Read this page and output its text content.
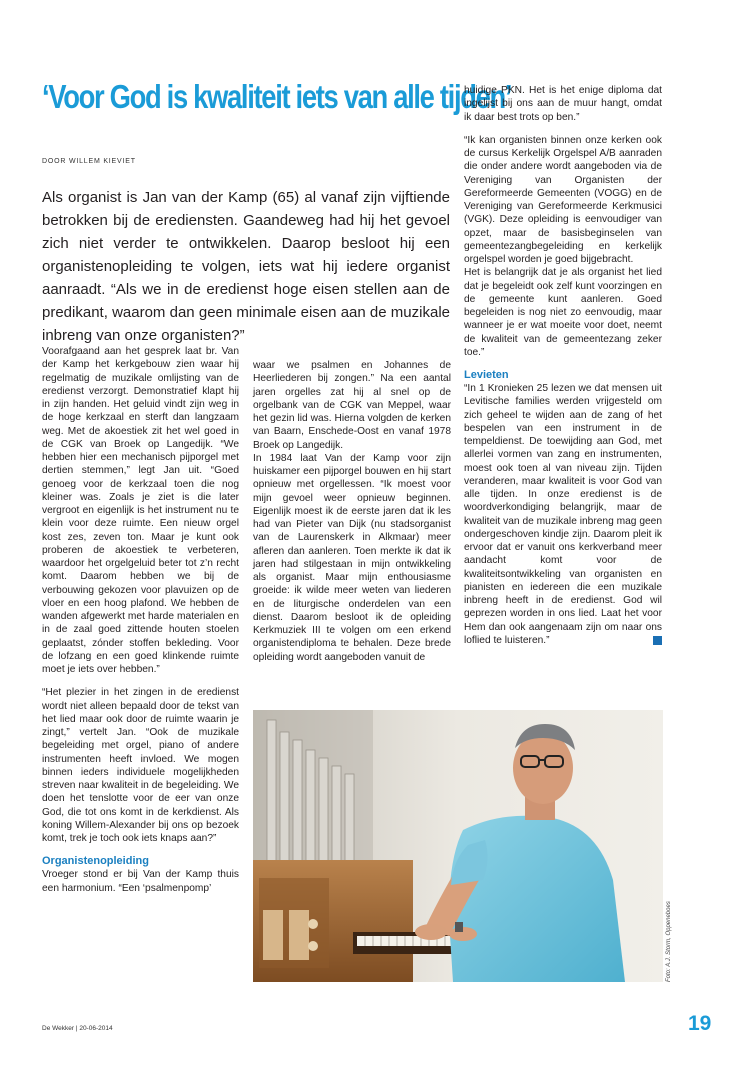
‘Voor God is kwaliteit iets van alle tijden’
DOOR WILLEM KIEVIET

Als organist is Jan van der Kamp (65) al vanaf zijn vijftiende betrokken bij de erediensten. Gaandeweg had hij het gevoel zich niet verder te ontwikkelen. Daarop besloot hij een organistenopleiding te volgen, iets wat hij iedere organist aanraadt. “Als we in de eredienst hoge eisen stellen aan de predikant, waarom dan geen minimale eisen aan de muzikale inbreng van onze organisten?”

Voorafgaand aan het gesprek laat br. Van der Kamp het kerkgebouw zien waar hij regelmatig de muzikale omlijsting van de eredienst verzorgt. Demonstratief klapt hij in zijn handen. Het geluid vindt zijn weg in de hoge kerkzaal en sterft dan langzaam weg. Met de akoestiek zit het wel goed in de CGK van Broek op Langedijk. “We hebben hier een mechanisch pijporgel met dertien stemmen,” legt Jan uit. “Goed genoeg voor de kerkzaal toen die nog kleiner was. Zoals je ziet is die later vergroot en eigenlijk is het instrument nu te klein voor deze ruimte. Een nieuw orgel kost zes, zeven ton. Maar je kunt ook proberen de akoestiek te verbeteren, waardoor het orgelgeluid beter tot z’n recht komt. Daarom hebben we bij de verbouwing gekozen voor plavuizen op de vloer en een hoog plafond. We hebben de wanden afgewerkt met harde materialen en in de zaal goed zittende houten stoelen geplaatst, zónder stoffen bekleding. Voor de lofzang en een goed klinkende ruimte moet je iets over hebben.”

“Het plezier in het zingen in de eredienst wordt niet alleen bepaald door de tekst van het lied maar ook door de ruimte waarin je zingt,” vertelt Jan. “Ook de muzikale begeleiding met orgel, piano of andere instrumenten heeft invloed. We mogen binnen ieders individuele mogelijkheden streven naar kwaliteit in de begeleiding. We doen het tenslotte voor de eer van onze God, die tot ons komt in de kerkdienst. Als koning Willem-Alexander bij ons op bezoek komt, trek je toch ook iets knaps aan?”

Organistenopleiding

Vroeger stond er bij Van der Kamp thuis een harmonium. “Een ‘psalmenpomp’

waar we psalmen en Johannes de Heerliederen bij zongen.” Na een aantal jaren orgelles zat hij al snel op de orgelbank van de CGK van Meppel, waar het gezin lid was. Hierna volgden de kerken van Baarn, Enschede-Oost en vanaf 1978 Broek op Langedijk.

In 1984 laat Van der Kamp voor zijn huiskamer een pijporgel bouwen en hij start opnieuw met orgellessen. “Ik moest voor mijn gevoel weer opnieuw beginnen. Eigenlijk moest ik de eerste jaren dat ik les had van Pieter van Dijk (nu stadsorganist van de Laurenskerk in Alkmaar) meer afleren dan aanleren. Toen merkte ik dat ik jaren had stilgestaan in mijn ontwikkeling als organist. Maar mijn enthousiasme groeide: ik wilde meer weten van liederen en de liturgische onderdelen van een dienst. Daarom besloot ik de opleiding Kerkmuziek III te volgen om een erkend organistendiploma te behalen. Deze brede opleiding wordt aangeboden vanuit de

huidige PKN. Het is het enige diploma dat ingelijst bij ons aan de muur hangt, omdat ik daar best trots op ben.”

“Ik kan organisten binnen onze kerken ook de cursus Kerkelijk Orgelspel A/B aanraden die onder andere wordt aangeboden via de Vereniging van Organisten der Gereformeerde Gemeenten (VOGG) en de Vereniging van Gereformeerde Kerkmusici (VGK). Deze opleiding is eenvoudiger van opzet, maar de basisbeginselen van gemeentezangbegeleiding en kerkelijk orgelspel worden je goed bijgebracht.

Het is belangrijk dat je als organist het lied dat je begeleidt ook zelf kunt voorzingen en de gemeente kunt aanleren. Goed begeleiden is nog niet zo eenvoudig, maar wanneer je er wat moeite voor doet, neemt de kwaliteit van de gemeentezang zeker toe.”

Levieten

“In 1 Kronieken 25 lezen we dat mensen uit Levitische families werden vrijgesteld om zich geheel te wijden aan de zang of het bespelen van een instrument in de tempeldienst. De toewijding aan God, met allerlei vormen van zang en instrumenten, moest ook toen al van niveau zijn. Tijden veranderen, maar kwaliteit is voor God van alle tijden. In onze eredienst is de woordverkondiging belangrijk, maar de kwaliteit van de muzikale inbreng mag geen ondergeschoven kindje zijn. Daarom pleit ik ervoor dat er vanuit ons kerkverband meer aandacht komt voor de kwaliteitsontwikkeling van organisten en pianisten en iedereen die een muzikale inbreng heeft in de eredienst. God wil geprezen worden in ons lied. Laat het voor Hem dan ook aangenaam zijn om naar ons loflied te luisteren.”

Foto: A.J. Storm, Oppeneboes
De Wekker | 20-06-2014	19
